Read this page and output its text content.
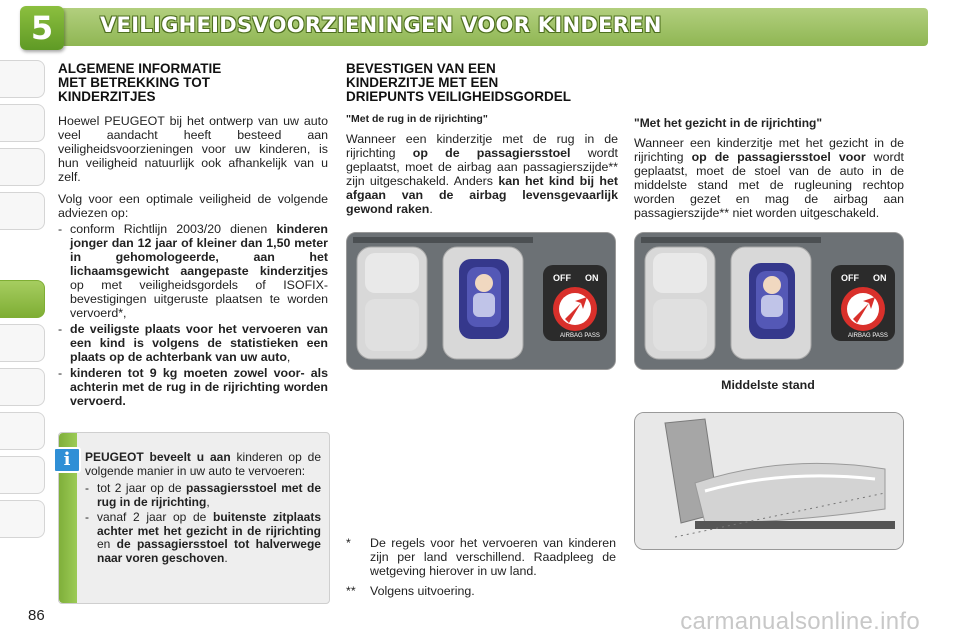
5	VEILIGHEIDSVOORZIENINGEN VOOR KINDEREN
ALGEMENE INFORMATIE
MET BETREKKING TOT
KINDERZITJES

Hoewel PEUGEOT bij het ontwerp van uw auto veel aandacht heeft besteed aan veiligheidsvoorzieningen voor uw kinderen, is hun veiligheid natuurlijk ook afhankelijk van u zelf.

Volg voor een optimale veiligheid de volgende adviezen op:

- conform Richtlijn 2003/20 dienen kinderen jonger dan 12 jaar of kleiner dan 1,50 meter in gehomologeerde, aan het lichaamsgewicht aangepaste kinderzitjes op met veiligheidsgordels of ISOFIX-bevestigingen uitgeruste plaatsen te worden vervoerd*,
- de veiligste plaats voor het vervoeren van een kind is volgens de statistieken een plaats op de achterbank van uw auto,
- kinderen tot 9 kg moeten zowel voor- als achterin met de rug in de rijrichting worden vervoerd.
i	PEUGEOT beveelt u aan kinderen op de volgende manier in uw auto te vervoeren:

- tot 2 jaar op de passagiersstoel met de rug in de rijrichting,
- vanaf 2 jaar op de buitenste zitplaats achter met het gezicht in de rijrichting en de passagiersstoel tot halverwege naar voren geschoven.
BEVESTIGEN VAN EEN
KINDERZITJE MET EEN
DRIEPUNTS VEILIGHEIDSGORDEL
"Met de rug in de rijrichting"

Wanneer een kinderzitje met de rug in de rijrichting op de passagiersstoel wordt geplaatst, moet de airbag aan passagierszijde** zijn uitgeschakeld. Anders kan het kind bij het afgaan van de airbag levensgevaarlijk gewond raken.

"Met het gezicht in de rijrichting"

Wanneer een kinderzitje met het gezicht in de rijrichting op de passagiersstoel voor wordt geplaatst, moet de stoel van de auto in de middelste stand met de rugleuning rechtop worden gezet en mag de airbag aan passagierszijde** niet worden uitgeschakeld.

OFF ON
AIRBAG PASS
OFF ON
AIRBAG PASS
Middelste stand
* De regels voor het vervoeren van kinderen zijn per land verschillend. Raadpleeg de wetgeving hierover in uw land.
** Volgens uitvoering.
86	carmanualsonline.info
